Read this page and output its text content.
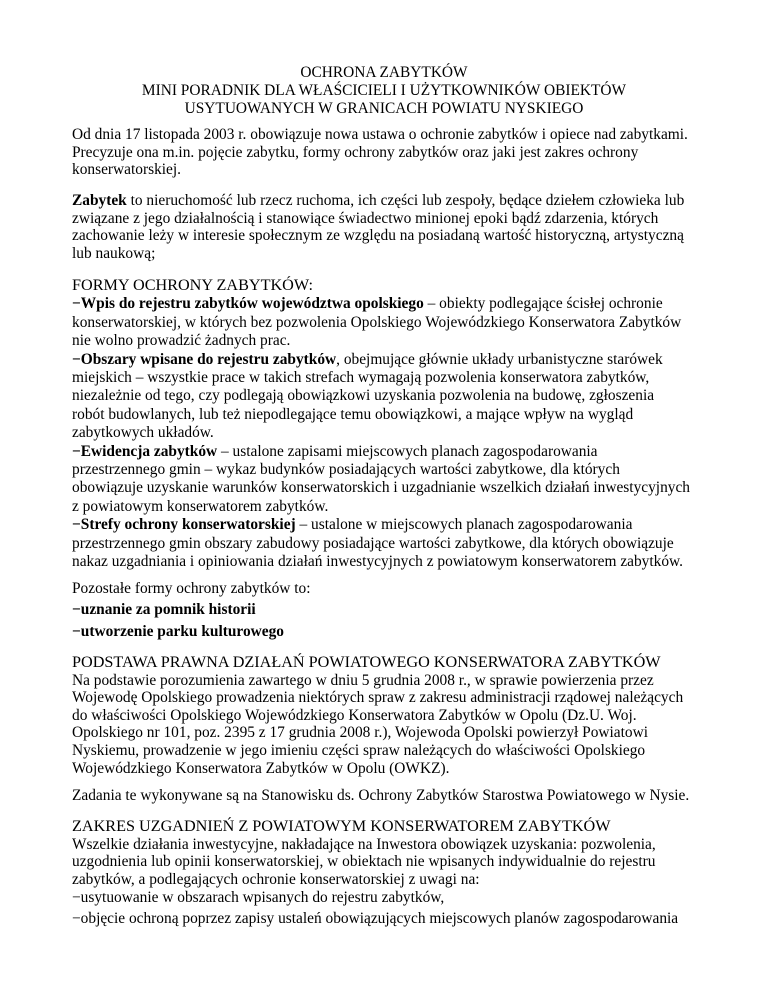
OCHRONA ZABYTKÓW
MINI PORADNIK DLA WŁAŚCICIELI I UŻYTKOWNIKÓW OBIEKTÓW
USYTUOWANYCH W GRANICACH POWIATU NYSKIEGO
Od dnia 17 listopada 2003 r. obowiązuje nowa ustawa o ochronie zabytków i opiece nad zabytkami.
Precyzuje ona m.in. pojęcie zabytku, formy ochrony zabytków oraz jaki jest zakres ochrony
konserwatorskiej.
Zabytek to nieruchomość lub rzecz ruchoma, ich części lub zespoły, będące dziełem człowieka lub
związane z jego działalnością i stanowiące świadectwo minionej epoki bądź zdarzenia, których
zachowanie leży w interesie społecznym ze względu na posiadaną wartość historyczną, artystyczną
lub naukową;
FORMY OCHRONY ZABYTKÓW:
−Wpis do rejestru zabytków województwa opolskiego – obiekty podlegające ścisłej ochronie
konserwatorskiej, w których bez pozwolenia Opolskiego Wojewódzkiego Konserwatora Zabytków
nie wolno prowadzić żadnych prac.
−Obszary wpisane do rejestru zabytków, obejmujące głównie układy urbanistyczne starówek
miejskich – wszystkie prace w takich strefach wymagają pozwolenia konserwatora zabytków,
niezależnie od tego, czy podlegają obowiązkowi uzyskania pozwolenia na budowę, zgłoszenia
robót budowlanych, lub też niepodlegające temu obowiązkowi, a mające wpływ na wygląd
zabytkowych układów.
−Ewidencja zabytków – ustalone zapisami miejscowych planach zagospodarowania
przestrzennego gmin – wykaz budynków posiadających wartości zabytkowe, dla których
obowiązuje uzyskanie warunków konserwatorskich i uzgadnianie wszelkich działań inwestycyjnych
z powiatowym konserwatorem zabytków.
−Strefy ochrony konserwatorskiej – ustalone w miejscowych planach zagospodarowania
przestrzennego gmin obszary zabudowy posiadające wartości zabytkowe, dla których obowiązuje
nakaz uzgadniania i opiniowania działań inwestycyjnych z powiatowym konserwatorem zabytków.
Pozostałe formy ochrony zabytków to:
−uznanie za pomnik historii
−utworzenie parku kulturowego
PODSTAWA PRAWNA DZIAŁAŃ POWIATOWEGO KONSERWATORA ZABYTKÓW
Na podstawie porozumienia zawartego w dniu 5 grudnia 2008 r., w sprawie powierzenia przez
Wojewodę Opolskiego prowadzenia niektórych spraw z zakresu administracji rządowej należących
do właściwości Opolskiego Wojewódzkiego Konserwatora Zabytków w Opolu (Dz.U. Woj.
Opolskiego nr 101, poz. 2395 z 17 grudnia 2008 r.), Wojewoda Opolski powierzył Powiatowi
Nyskiemu, prowadzenie w jego imieniu części spraw należących do właściwości Opolskiego
Wojewódzkiego Konserwatora Zabytków w Opolu (OWKZ).
Zadania te wykonywane są na Stanowisku ds. Ochrony Zabytków Starostwa Powiatowego w Nysie.
ZAKRES UZGADNIEŃ Z POWIATOWYM KONSERWATOREM ZABYTKÓW
Wszelkie działania inwestycyjne, nakładające na Inwestora obowiązek uzyskania: pozwolenia,
uzgodnienia lub opinii konserwatorskiej, w obiektach nie wpisanych indywidualnie do rejestru
zabytków, a podlegających ochronie konserwatorskiej z uwagi na:
−usytuowanie w obszarach wpisanych do rejestru zabytków,
−objęcie ochroną poprzez zapisy ustaleń obowiązujących miejscowych planów zagospodarowania
